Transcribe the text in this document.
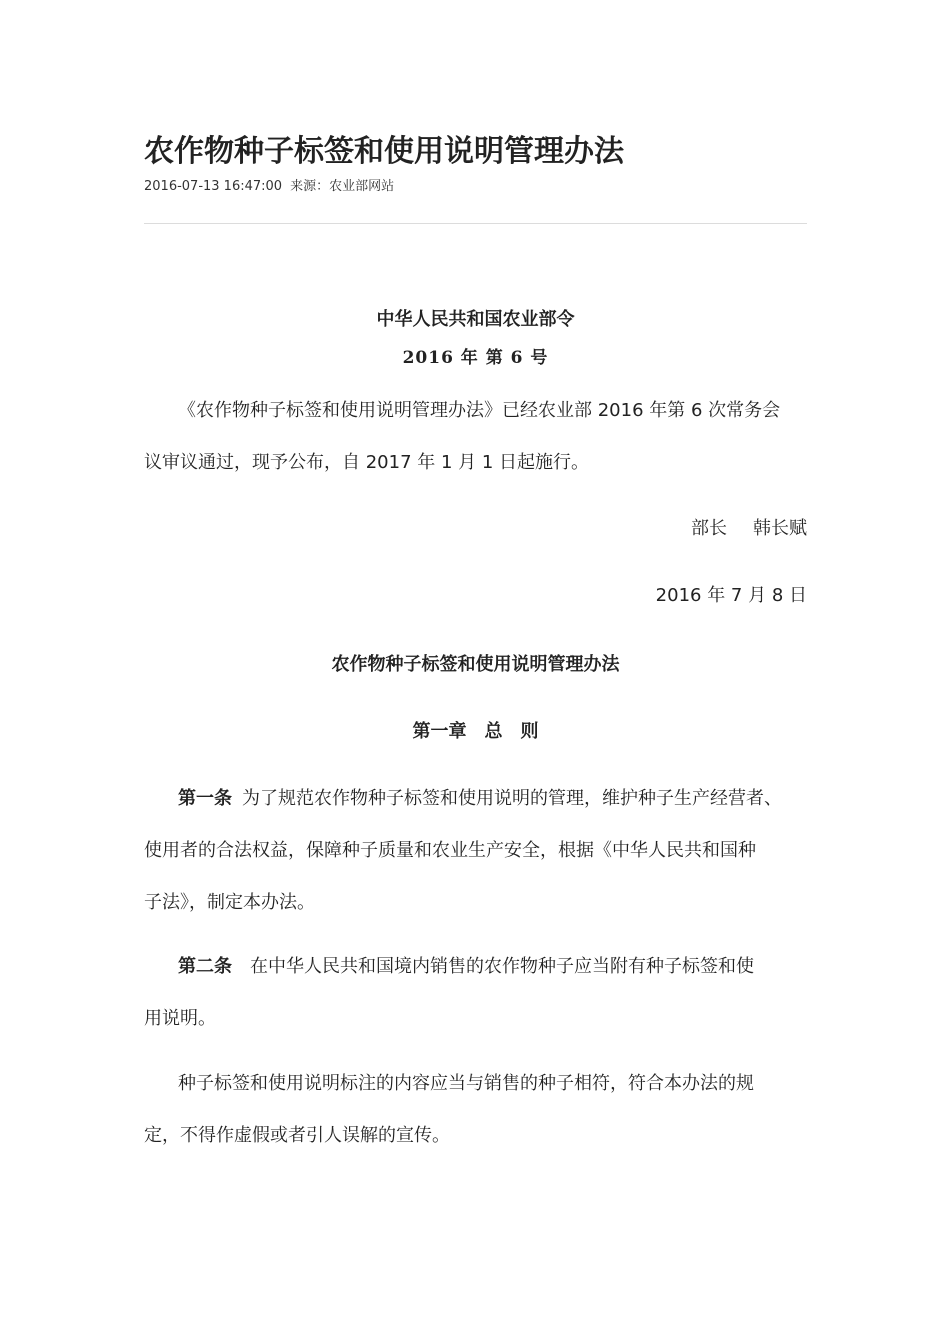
农作物种子标签和使用说明管理办法
2016-07-13 16:47:00 来源：农业部网站
中华人民共和国农业部令
2016 年 第 6 号

《农作物种子标签和使用说明管理办法》已经农业部 2016 年第 6 次常务会
议审议通过，现予公布，自 2017 年 1 月 1 日起施行。

部长 韩长赋
2016 年 7 月 8 日
农作物种子标签和使用说明管理办法
第一章　总　则

第一条 为了规范农作物种子标签和使用说明的管理，维护种子生产经营者、
使用者的合法权益，保障种子质量和农业生产安全，根据《中华人民共和国种
子法》，制定本办法。

第二条 在中华人民共和国境内销售的农作物种子应当附有种子标签和使
用说明。

种子标签和使用说明标注的内容应当与销售的种子相符，符合本办法的规
定，不得作虚假或者引人误解的宣传。
